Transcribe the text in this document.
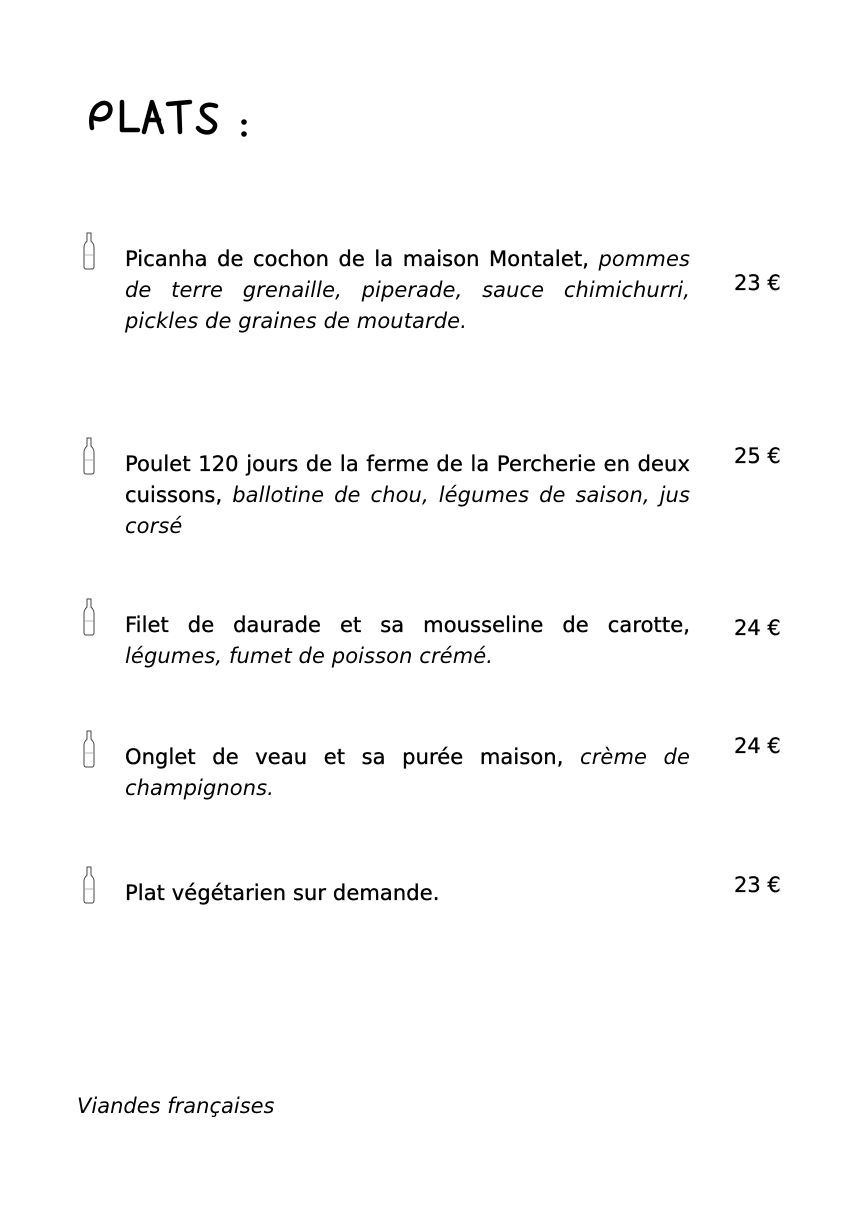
Picanha de cochon de la maison Montalet, pommes de terre grenaille, piperade, sauce chimichurri, pickles de graines de moutarde.
23 €
Poulet 120 jours de la ferme de la Percherie en deux cuissons, ballotine de chou, légumes de saison, jus corsé
25 €
Filet de daurade et sa mousseline de carotte, légumes, fumet de poisson crémé.
24 €
Onglet de veau et sa purée maison, crème de champignons.
24 €
Plat végétarien sur demande.	23 €
Viandes françaises
